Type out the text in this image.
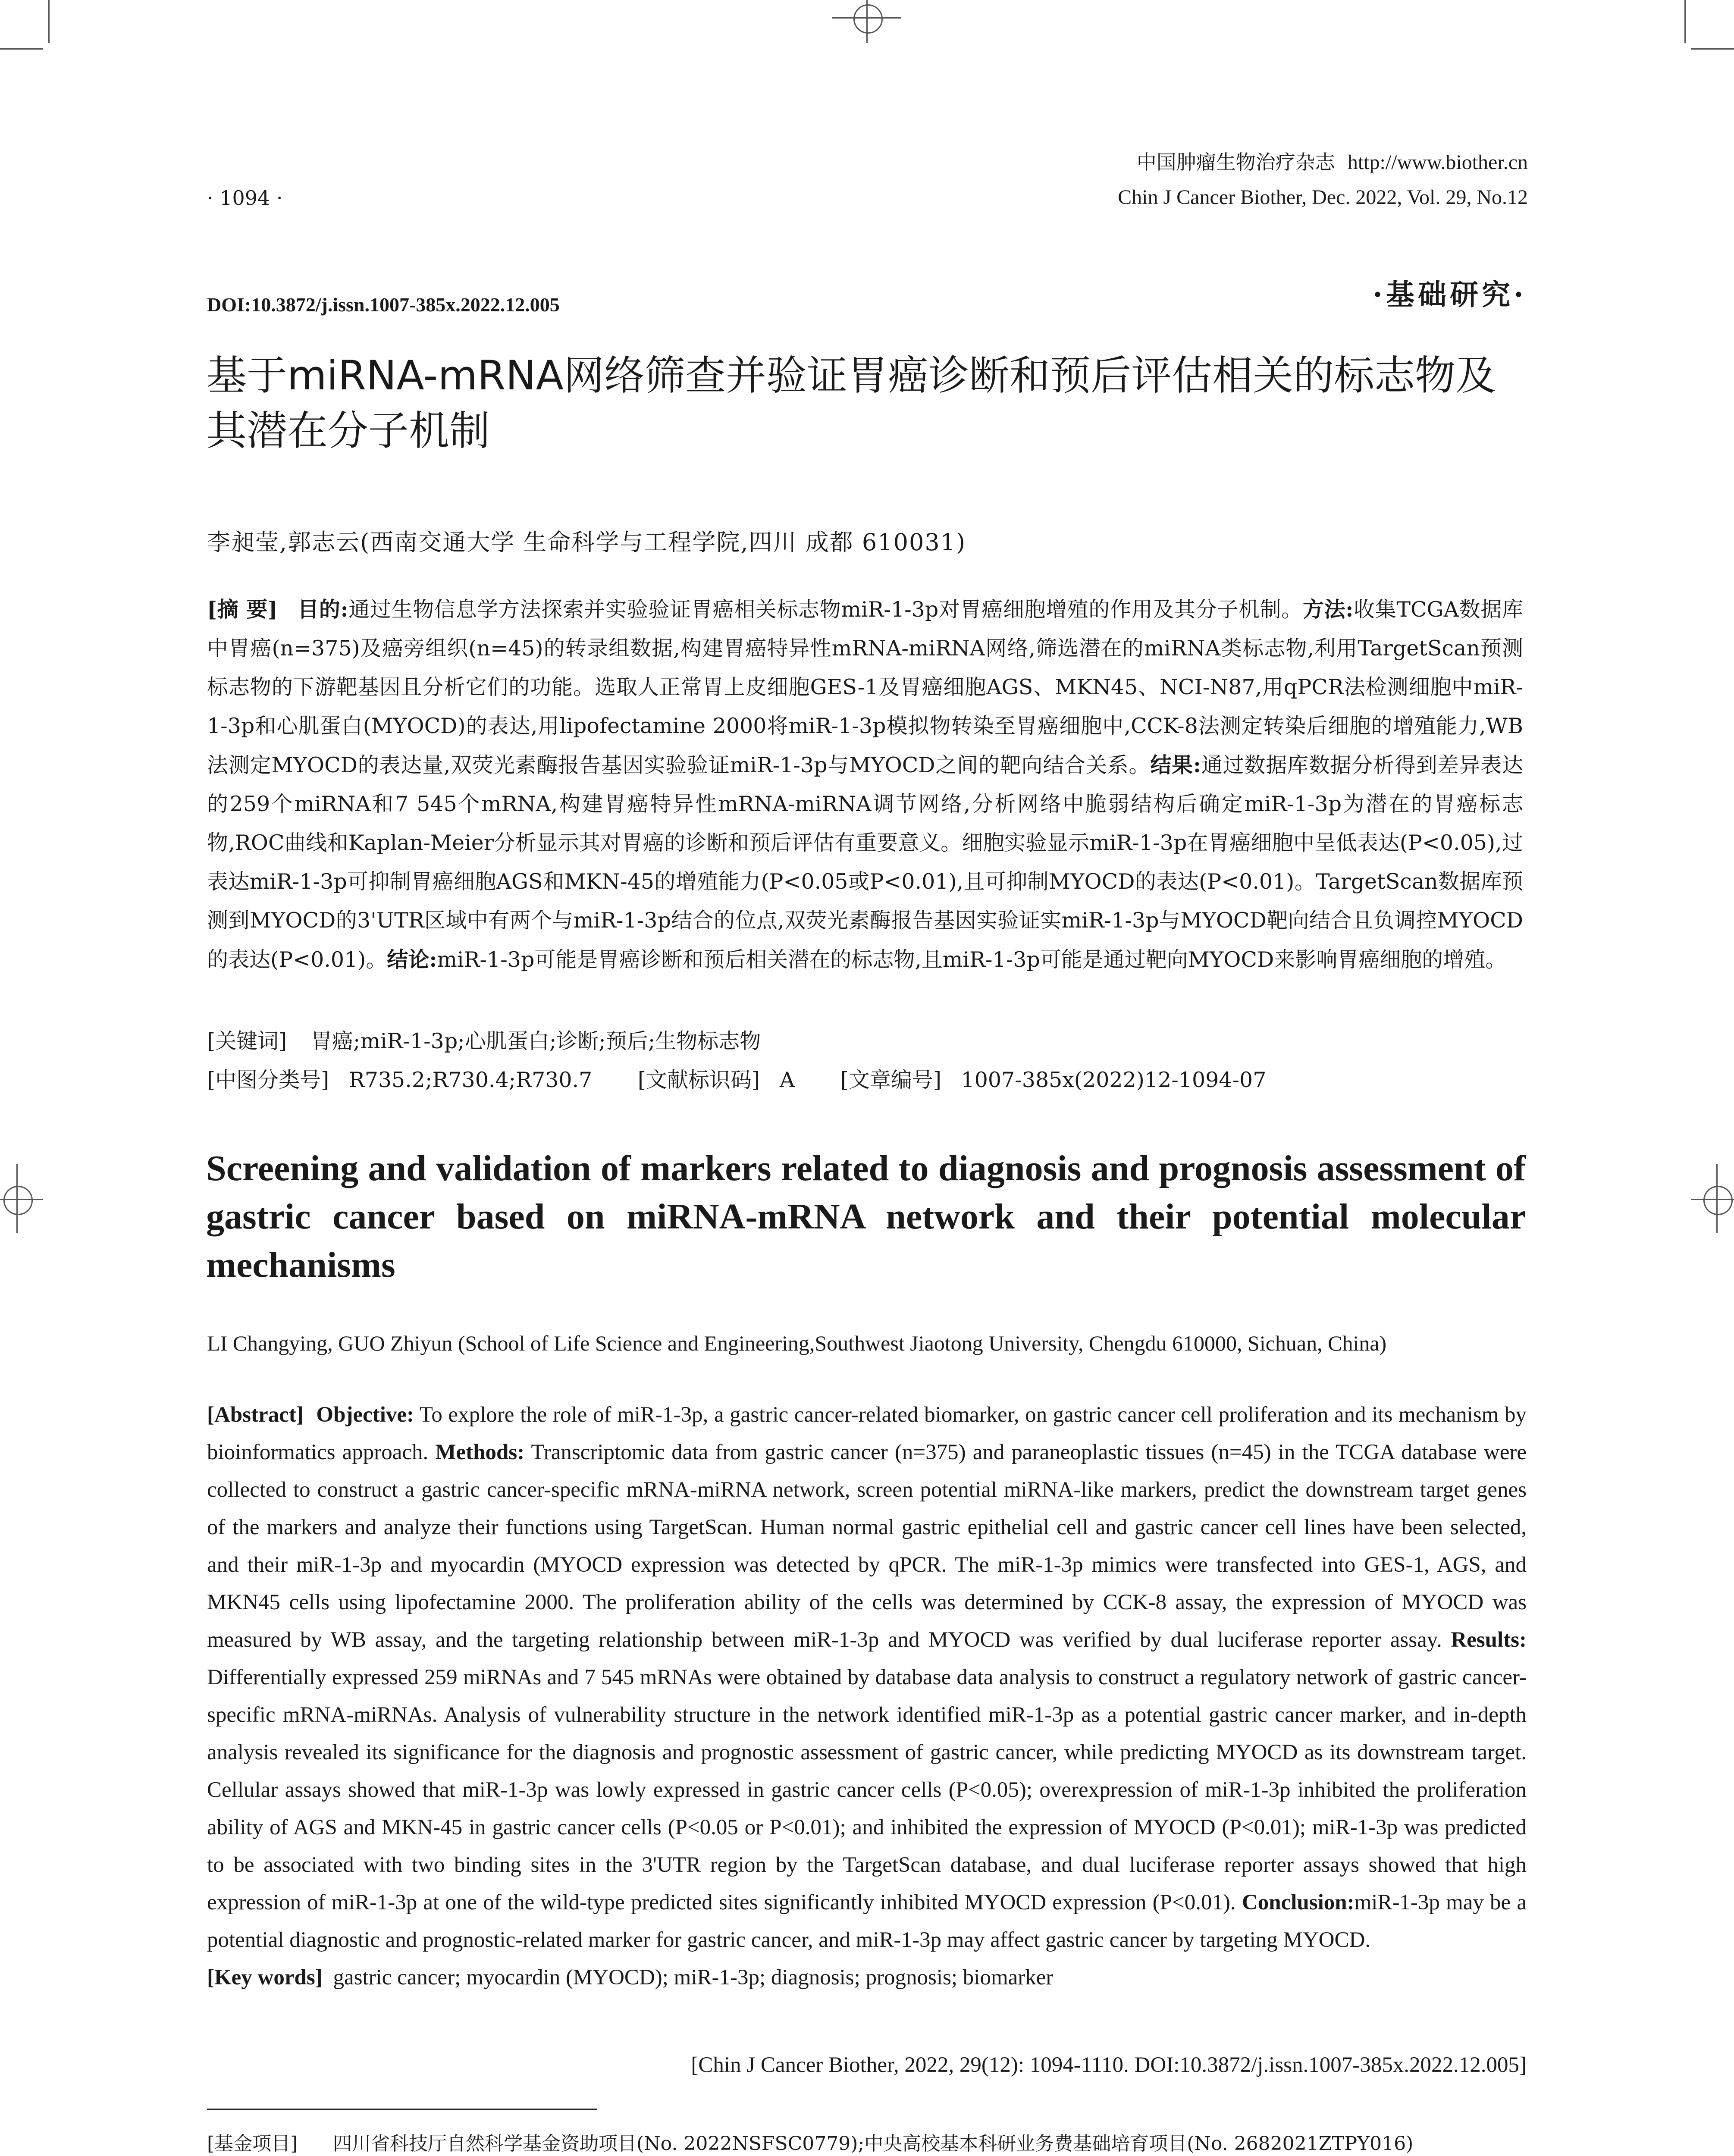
· 1094 ·
中国肿瘤生物治疗杂志 http://www.biother.cn
Chin J Cancer Biother, Dec. 2022, Vol. 29, No.12
DOI:10.3872/j.issn.1007-385x.2022.12.005	·基础研究·
基于miRNA-mRNA网络筛查并验证胃癌诊断和预后评估相关的标志物及其潜在分子机制
李昶莹,郭志云(西南交通大学 生命科学与工程学院,四川 成都 610031)
[摘 要] 目的:通过生物信息学方法探索并实验验证胃癌相关标志物miR-1-3p对胃癌细胞增殖的作用及其分子机制。方法:收集TCGA数据库中胃癌(n=375)及癌旁组织(n=45)的转录组数据,构建胃癌特异性mRNA-miRNA网络,筛选潜在的miRNA类标志物,利用TargetScan预测标志物的下游靶基因且分析它们的功能。选取人正常胃上皮细胞GES-1及胃癌细胞AGS、MKN45、NCI-N87,用qPCR法检测细胞中miR-1-3p和心肌蛋白(MYOCD)的表达,用lipofectamine 2000将miR-1-3p模拟物转染至胃癌细胞中,CCK-8法测定转染后细胞的增殖能力,WB法测定MYOCD的表达量,双荧光素酶报告基因实验验证miR-1-3p与MYOCD之间的靶向结合关系。结果:通过数据库数据分析得到差异表达的259个miRNA和7 545个mRNA,构建胃癌特异性mRNA-miRNA调节网络,分析网络中脆弱结构后确定miR-1-3p为潜在的胃癌标志物,ROC曲线和Kaplan-Meier分析显示其对胃癌的诊断和预后评估有重要意义。细胞实验显示miR-1-3p在胃癌细胞中呈低表达(P<0.05),过表达miR-1-3p可抑制胃癌细胞AGS和MKN-45的增殖能力(P<0.05或P<0.01),且可抑制MYOCD的表达(P<0.01)。TargetScan数据库预测到MYOCD的3'UTR区域中有两个与miR-1-3p结合的位点,双荧光素酶报告基因实验证实miR-1-3p与MYOCD靶向结合且负调控MYOCD的表达(P<0.01)。结论:miR-1-3p可能是胃癌诊断和预后相关潜在的标志物,且miR-1-3p可能是通过靶向MYOCD来影响胃癌细胞的增殖。
[关键词] 胃癌;miR-1-3p;心肌蛋白;诊断;预后;生物标志物
[中图分类号] R735.2;R730.4;R730.7 [文献标识码] A [文章编号] 1007-385x(2022)12-1094-07
Screening and validation of markers related to diagnosis and prognosis assessment of gastric cancer based on miRNA-mRNA network and their potential molecular mechanisms
LI Changying, GUO Zhiyun (School of Life Science and Engineering,Southwest Jiaotong University, Chengdu 610000, Sichuan, China)
[Abstract] Objective: To explore the role of miR-1-3p, a gastric cancer-related biomarker, on gastric cancer cell proliferation and its mechanism by bioinformatics approach. Methods: Transcriptomic data from gastric cancer (n=375) and paraneoplastic tissues (n=45) in the TCGA database were collected to construct a gastric cancer-specific mRNA-miRNA network, screen potential miRNA-like markers, predict the downstream target genes of the markers and analyze their functions using TargetScan. Human normal gastric epithelial cell and gastric cancer cell lines have been selected, and their miR-1-3p and myocardin (MYOCD expression was detected by qPCR. The miR-1-3p mimics were transfected into GES-1, AGS, and MKN45 cells using lipofectamine 2000. The proliferation ability of the cells was determined by CCK-8 assay, the expression of MYOCD was measured by WB assay, and the targeting relationship between miR-1-3p and MYOCD was verified by dual luciferase reporter assay. Results: Differentially expressed 259 miRNAs and 7 545 mRNAs were obtained by database data analysis to construct a regulatory network of gastric cancer-specific mRNA-miRNAs. Analysis of vulnerability structure in the network identified miR-1-3p as a potential gastric cancer marker, and in-depth analysis revealed its significance for the diagnosis and prognostic assessment of gastric cancer, while predicting MYOCD as its downstream target. Cellular assays showed that miR-1-3p was lowly expressed in gastric cancer cells (P<0.05); overexpression of miR-1-3p inhibited the proliferation ability of AGS and MKN-45 in gastric cancer cells (P<0.05 or P<0.01); and inhibited the expression of MYOCD (P<0.01); miR-1-3p was predicted to be associated with two binding sites in the 3'UTR region by the TargetScan database, and dual luciferase reporter assays showed that high expression of miR-1-3p at one of the wild-type predicted sites significantly inhibited MYOCD expression (P<0.01). Conclusion:miR-1-3p may be a potential diagnostic and prognostic-related marker for gastric cancer, and miR-1-3p may affect gastric cancer by targeting MYOCD.
[Key words] gastric cancer; myocardin (MYOCD); miR-1-3p; diagnosis; prognosis; biomarker
[Chin J Cancer Biother, 2022, 29(12): 1094-1110. DOI:10.3872/j.issn.1007-385x.2022.12.005]
[基金项目] 四川省科技厅自然科学基金资助项目(No. 2022NSFSC0779);中央高校基本科研业务费基础培育项目(No. 2682021ZTPY016)
